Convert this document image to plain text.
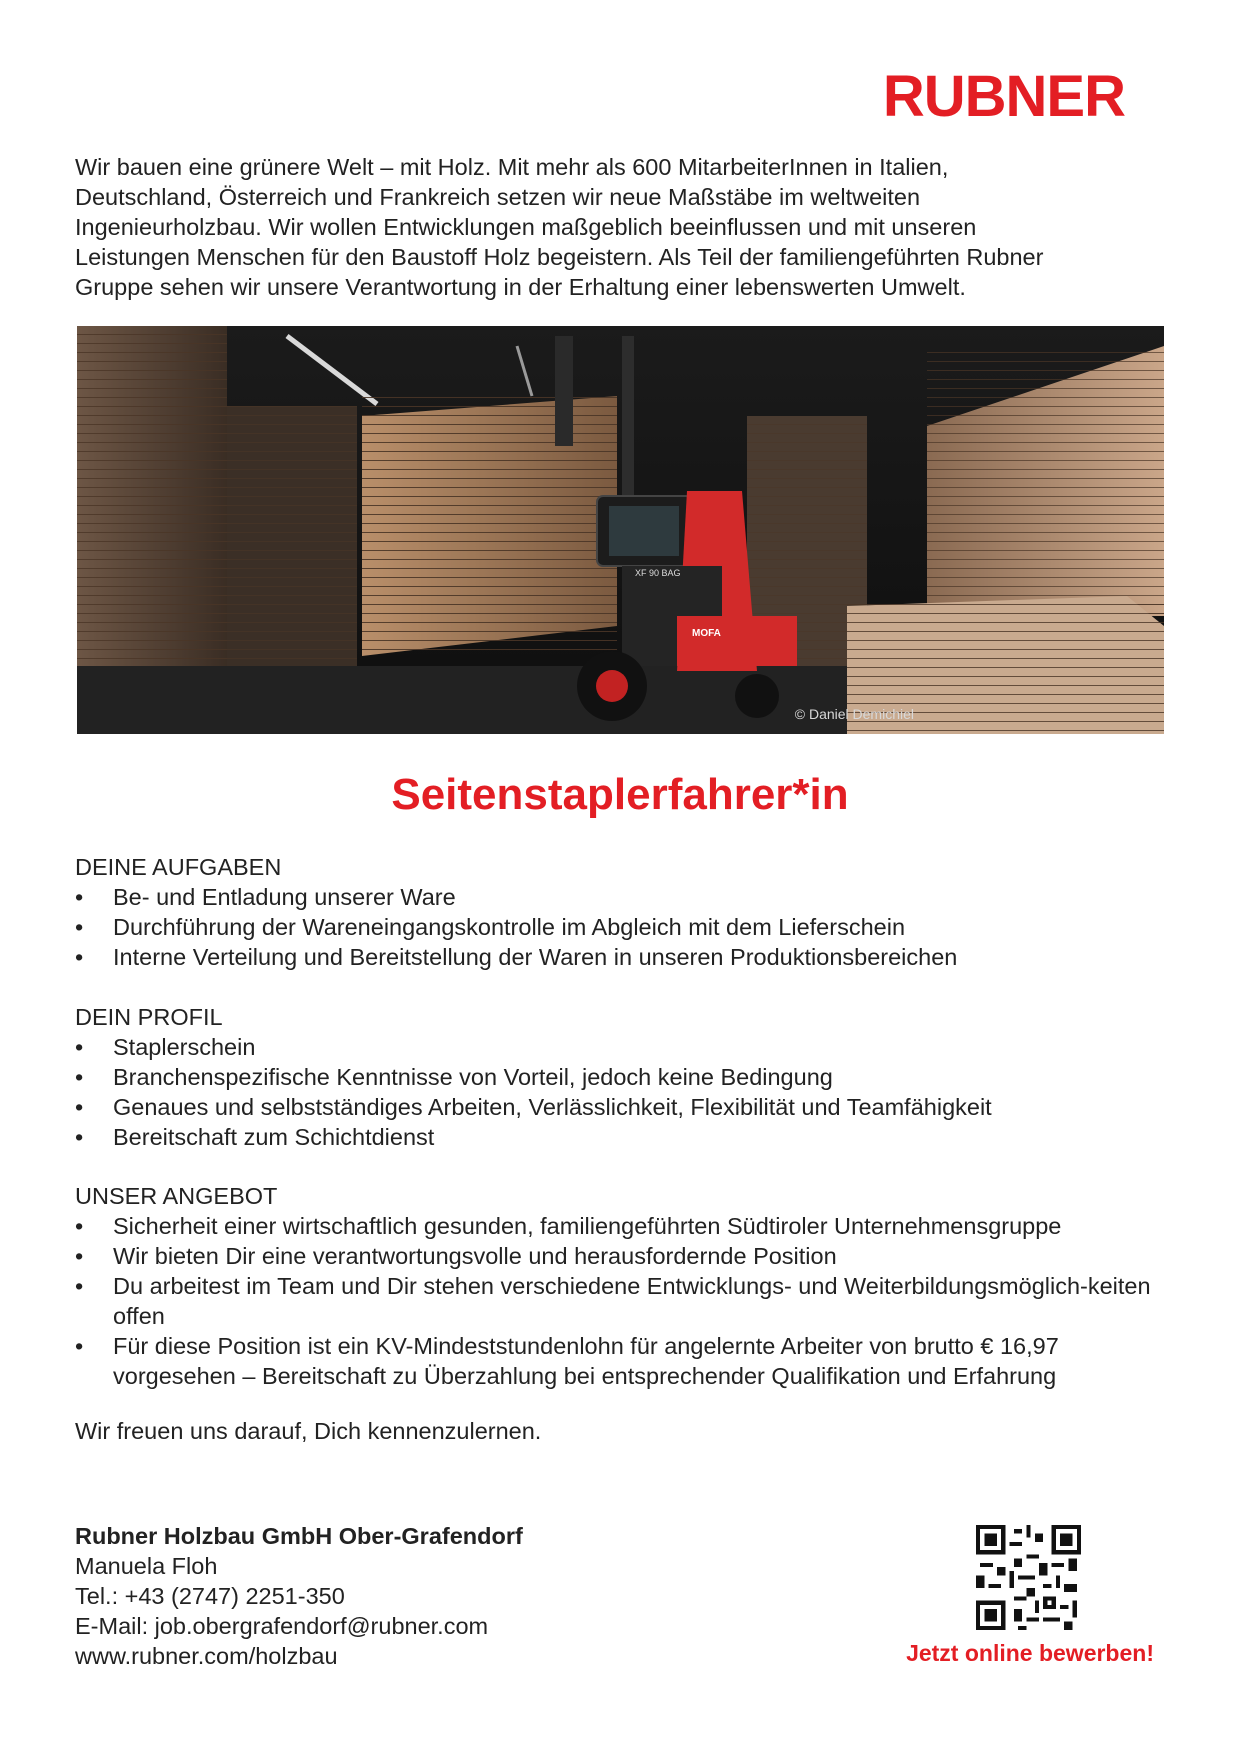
RUBNER
Wir bauen eine grünere Welt – mit Holz. Mit mehr als 600 MitarbeiterInnen in Italien, Deutschland, Österreich und Frankreich setzen wir neue Maßstäbe im weltweiten Ingenieurholzbau. Wir wollen Entwicklungen maßgeblich beeinflussen und mit unseren Leistungen Menschen für den Baustoff Holz begeistern. Als Teil der familiengeführten Rubner Gruppe sehen wir unsere Verantwortung in der Erhaltung einer lebenswerten Umwelt.
XF 90 BAG
MOFA
© Daniel Demichiel
Seitenstaplerfahrer*in
DEINE AUFGABEN
• Be- und Entladung unserer Ware
• Durchführung der Wareneingangskontrolle im Abgleich mit dem Lieferschein
• Interne Verteilung und Bereitstellung der Waren in unseren Produktionsbereichen
DEIN PROFIL
• Staplerschein
• Branchenspezifische Kenntnisse von Vorteil, jedoch keine Bedingung
• Genaues und selbstständiges Arbeiten, Verlässlichkeit, Flexibilität und Teamfähigkeit
• Bereitschaft zum Schichtdienst
UNSER ANGEBOT
• Sicherheit einer wirtschaftlich gesunden, familiengeführten Südtiroler Unternehmensgruppe
• Wir bieten Dir eine verantwortungsvolle und herausfordernde Position
• Du arbeitest im Team und Dir stehen verschiedene Entwicklungs- und Weiterbildungsmöglich-keiten offen
• Für diese Position ist ein KV-Mindeststundenlohn für angelernte Arbeiter von brutto € 16,97 vorgesehen – Bereitschaft zu Überzahlung bei entsprechender Qualifikation und Erfahrung
Wir freuen uns darauf, Dich kennenzulernen.
Rubner Holzbau GmbH Ober-Grafendorf
Manuela Floh
Tel.: +43 (2747) 2251-350
E-Mail: job.obergrafendorf@rubner.com
www.rubner.com/holzbau	Jetzt online bewerben!
